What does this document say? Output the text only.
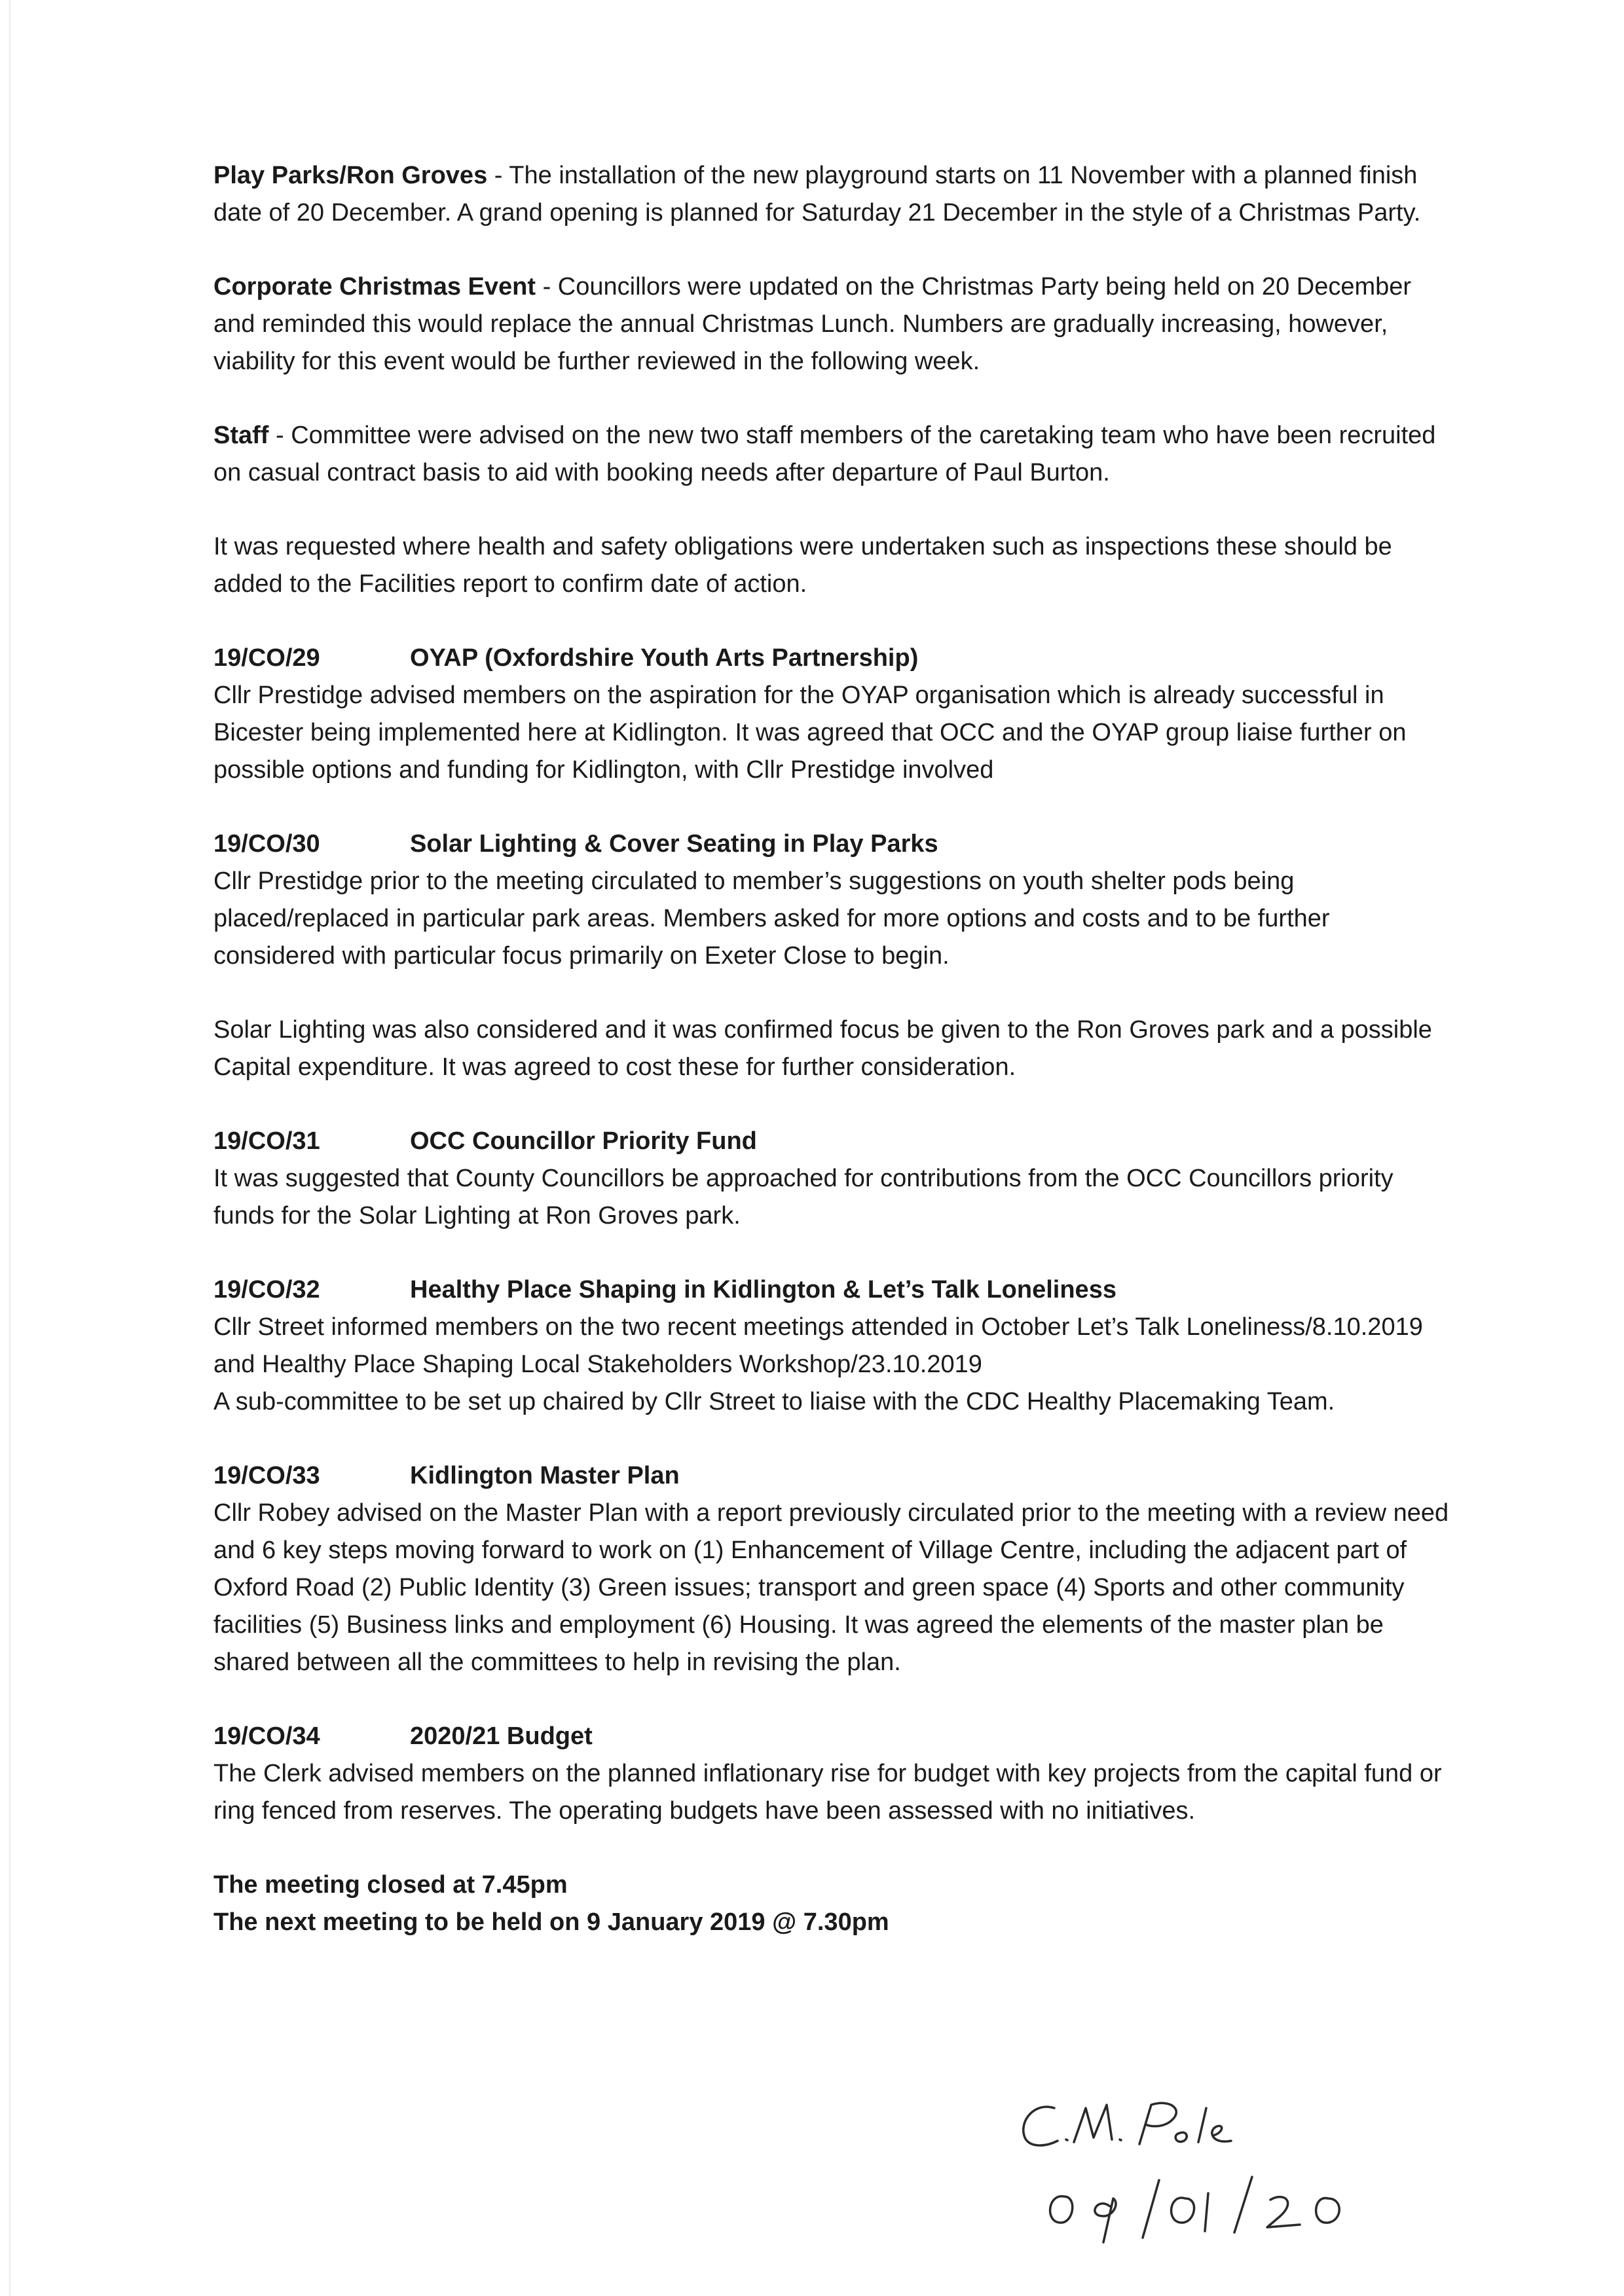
Play Parks/Ron Groves - The installation of the new playground starts on 11 November with a planned finish date of 20 December. A grand opening is planned for Saturday 21 December in the style of a Christmas Party.

Corporate Christmas Event - Councillors were updated on the Christmas Party being held on 20 December and reminded this would replace the annual Christmas Lunch. Numbers are gradually increasing, however, viability for this event would be further reviewed in the following week.

Staff - Committee were advised on the new two staff members of the caretaking team who have been recruited on casual contract basis to aid with booking needs after departure of Paul Burton.

It was requested where health and safety obligations were undertaken such as inspections these should be added to the Facilities report to confirm date of action.

19/CO/29	OYAP (Oxfordshire Youth Arts Partnership)

Cllr Prestidge advised members on the aspiration for the OYAP organisation which is already successful in Bicester being implemented here at Kidlington. It was agreed that OCC and the OYAP group liaise further on possible options and funding for Kidlington, with Cllr Prestidge involved

19/CO/30	Solar Lighting & Cover Seating in Play Parks

Cllr Prestidge prior to the meeting circulated to member’s suggestions on youth shelter pods being placed/replaced in particular park areas. Members asked for more options and costs and to be further considered with particular focus primarily on Exeter Close to begin.

Solar Lighting was also considered and it was confirmed focus be given to the Ron Groves park and a possible Capital expenditure. It was agreed to cost these for further consideration.

19/CO/31	OCC Councillor Priority Fund

It was suggested that County Councillors be approached for contributions from the OCC Councillors priority funds for the Solar Lighting at Ron Groves park.

19/CO/32	Healthy Place Shaping in Kidlington & Let’s Talk Loneliness
Cllr Street informed members on the two recent meetings attended in October Let’s Talk Loneliness/8.10.2019 and Healthy Place Shaping Local Stakeholders Workshop/23.10.2019

A sub-committee to be set up chaired by Cllr Street to liaise with the CDC Healthy Placemaking Team.

19/CO/33	Kidlington Master Plan

Cllr Robey advised on the Master Plan with a report previously circulated prior to the meeting with a review need and 6 key steps moving forward to work on (1) Enhancement of Village Centre, including the adjacent part of Oxford Road (2) Public Identity (3) Green issues; transport and green space (4) Sports and other community facilities (5) Business links and employment (6) Housing. It was agreed the elements of the master plan be shared between all the committees to help in revising the plan.

19/CO/34	2020/21 Budget

The Clerk advised members on the planned inflationary rise for budget with key projects from the capital fund or ring fenced from reserves. The operating budgets have been assessed with no initiatives.

The meeting closed at 7.45pm
The next meeting to be held on 9 January 2019 @ 7.30pm
